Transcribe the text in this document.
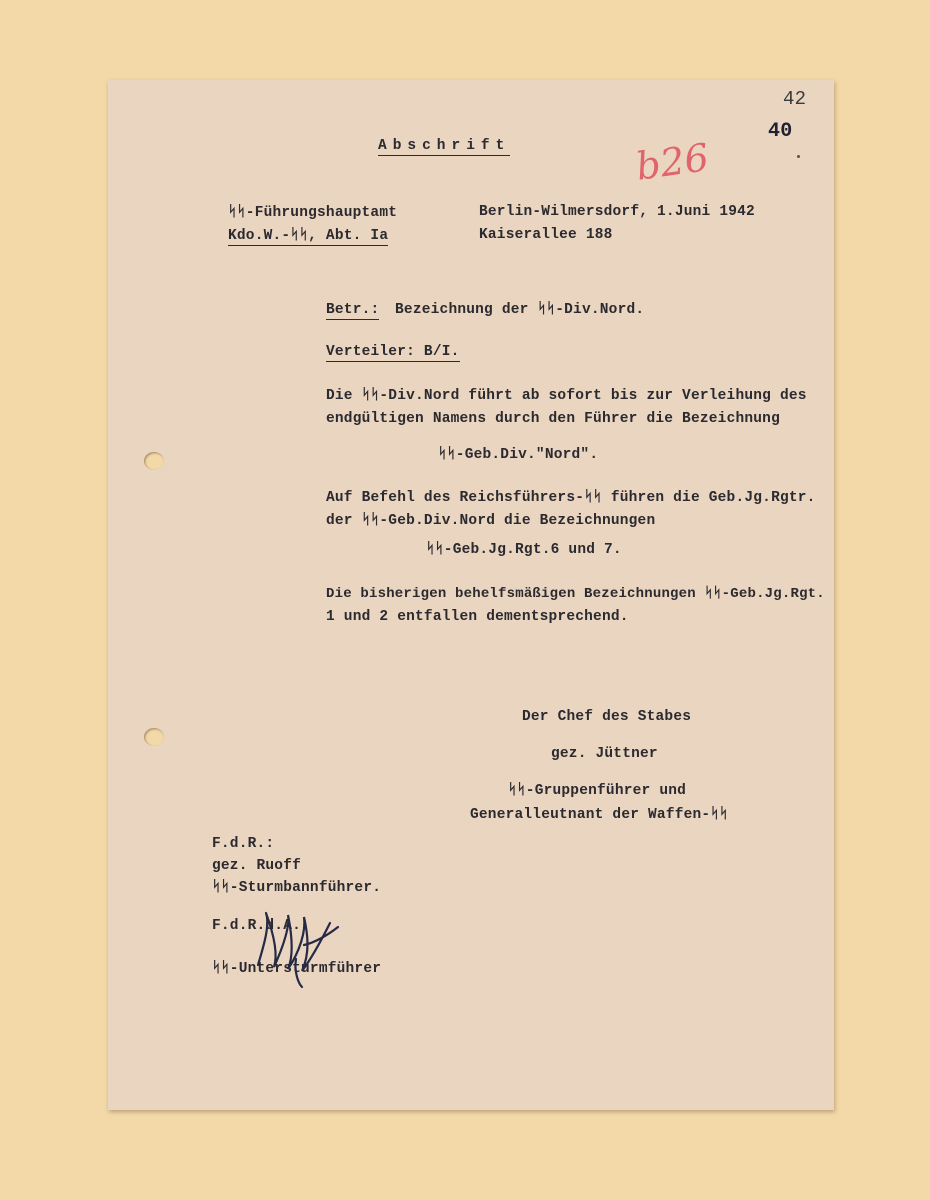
42
40
b26
Abschrift
ᛋᛋ-Führungshauptamt
Kdo.W.-ᛋᛋ, Abt. Ia
Berlin-Wilmersdorf, 1.Juni 1942
Kaiserallee 188
Betr.: Bezeichnung der ᛋᛋ-Div.Nord.
Verteiler: B/I.
Die ᛋᛋ-Div.Nord führt ab sofort bis zur Verleihung des
endgültigen Namens durch den Führer die Bezeichnung
ᛋᛋ-Geb.Div."Nord".
Auf Befehl des Reichsführers-ᛋᛋ führen die Geb.Jg.Rgtr.
der ᛋᛋ-Geb.Div.Nord die Bezeichnungen
ᛋᛋ-Geb.Jg.Rgt.6 und 7.
Die bisherigen behelfsmäßigen Bezeichnungen ᛋᛋ-Geb.Jg.Rgt.
1 und 2 entfallen dementsprechend.
Der Chef des Stabes
gez. Jüttner
ᛋᛋ-Gruppenführer und
Generalleutnant der Waffen-ᛋᛋ
F.d.R.:
gez. Ruoff
ᛋᛋ-Sturmbannführer.
F.d.R.d.A.
ᛋᛋ-Untersturmführer
